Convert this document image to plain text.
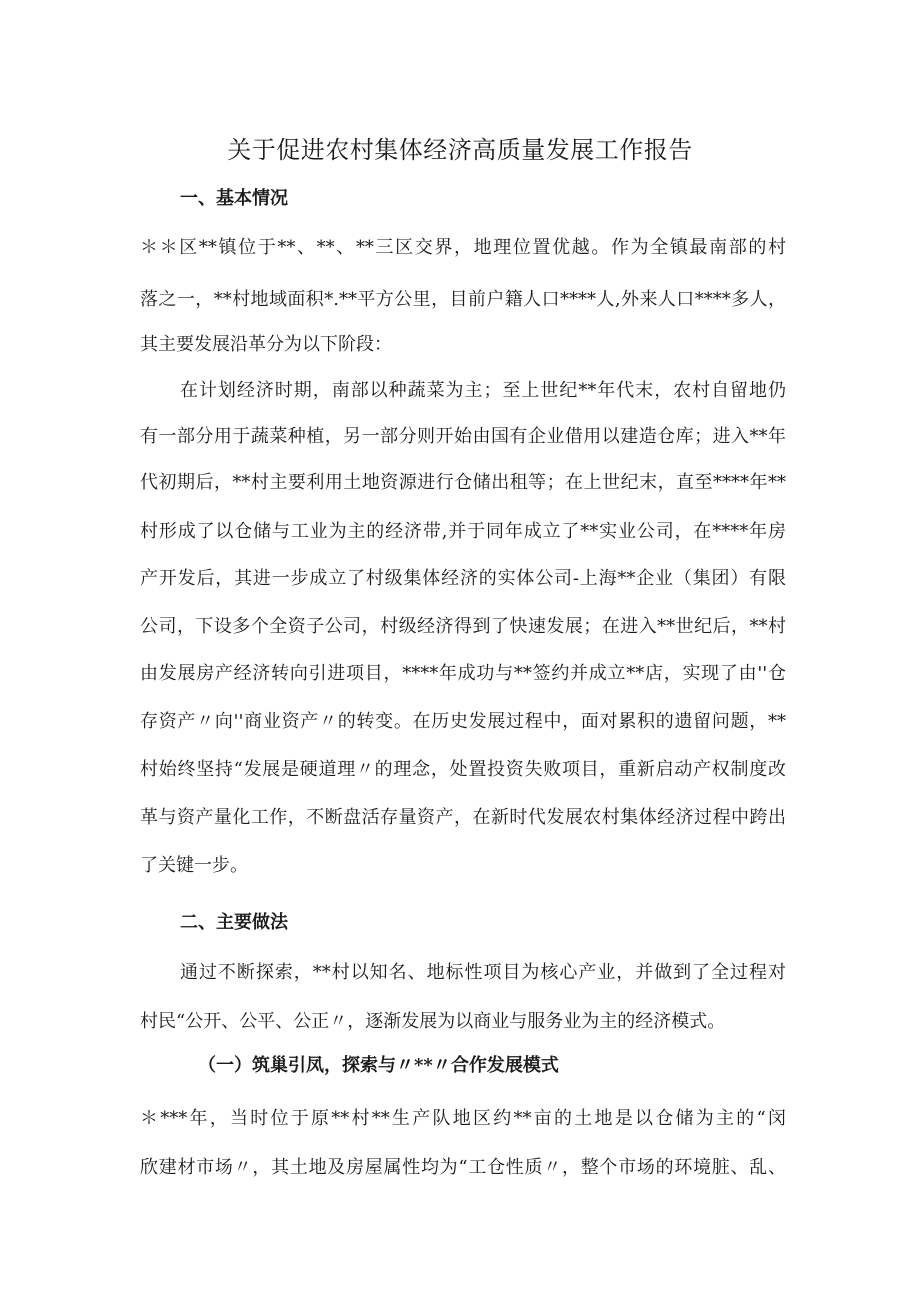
关于促进农村集体经济高质量发展工作报告
一、基本情况
＊＊区**镇位于**、**、**三区交界，地理位置优越。作为全镇最南部的村
落之一，**村地域面积*.**平方公里，目前户籍人口****人,外来人口****多人，
其主要发展沿革分为以下阶段：
在计划经济时期，南部以种蔬菜为主；至上世纪**年代末，农村自留地仍
有一部分用于蔬菜种植，另一部分则开始由国有企业借用以建造仓库；进入**年
代初期后，**村主要利用土地资源进行仓储出租等；在上世纪末，直至****年**
村形成了以仓储与工业为主的经济带,并于同年成立了**实业公司，在****年房
产开发后，其进一步成立了村级集体经济的实体公司-上海**企业（集团）有限
公司，下设多个全资子公司，村级经济得到了快速发展；在进入**世纪后，**村
由发展房产经济转向引进项目，****年成功与**签约并成立**店，实现了由''仓
存资产〃向''商业资产〃的转变。在历史发展过程中，面对累积的遗留问题，**
村始终坚持“发展是硬道理〃的理念，处置投资失败项目，重新启动产权制度改
革与资产量化工作，不断盘活存量资产，在新时代发展农村集体经济过程中跨出
了关键一步。
二、主要做法
通过不断探索，**村以知名、地标性项目为核心产业，并做到了全过程对
村民“公开、公平、公正〃，逐渐发展为以商业与服务业为主的经济模式。
（一）筑巢引凤，探索与〃**〃合作发展模式
＊***年，当时位于原**村**生产队地区约**亩的土地是以仓储为主的“闵
欣建材市场〃，其土地及房屋属性均为“工仓性质〃，整个市场的环境脏、乱、
